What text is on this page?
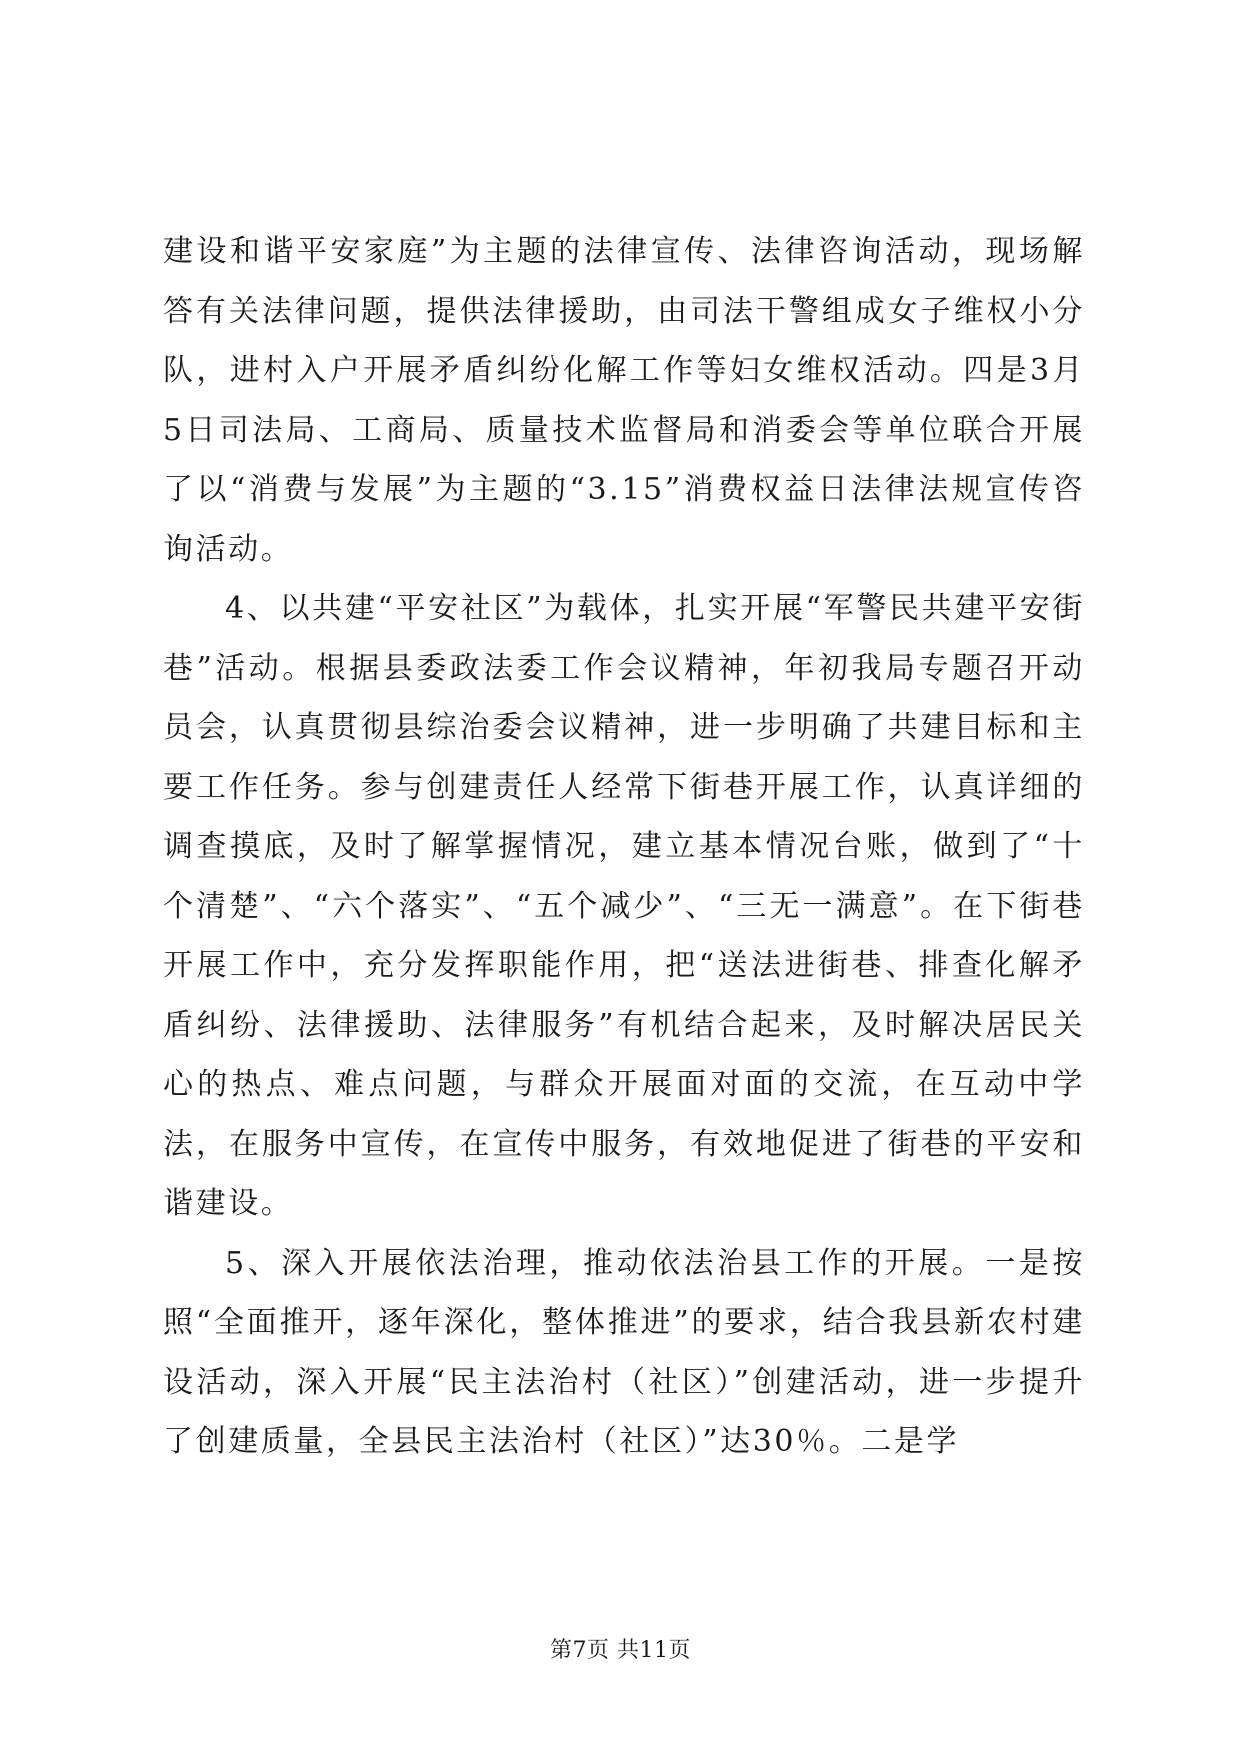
建设和谐平安家庭”为主题的法律宣传、法律咨询活动，现场解答有关法律问题，提供法律援助，由司法干警组成女子维权小分队，进村入户开展矛盾纠纷化解工作等妇女维权活动。四是3月5日司法局、工商局、质量技术监督局和消委会等单位联合开展了以“消费与发展”为主题的“3.15”消费权益日法律法规宣传咨询活动。

4、以共建“平安社区”为载体，扎实开展“军警民共建平安街巷”活动。根据县委政法委工作会议精神，年初我局专题召开动员会，认真贯彻县综治委会议精神，进一步明确了共建目标和主要工作任务。参与创建责任人经常下街巷开展工作，认真详细的调查摸底，及时了解掌握情况，建立基本情况台账，做到了“十个清楚”、“六个落实”、“五个减少”、“三无一满意”。在下街巷开展工作中，充分发挥职能作用，把“送法进街巷、排查化解矛盾纠纷、法律援助、法律服务”有机结合起来，及时解决居民关心的热点、难点问题，与群众开展面对面的交流，在互动中学法，在服务中宣传，在宣传中服务，有效地促进了街巷的平安和谐建设。

5、深入开展依法治理，推动依法治县工作的开展。一是按照“全面推开，逐年深化，整体推进”的要求，结合我县新农村建设活动，深入开展“民主法治村（社区）”创建活动，进一步提升了创建质量，全县民主法治村（社区）”达30％。二是学

第7页 共11页
